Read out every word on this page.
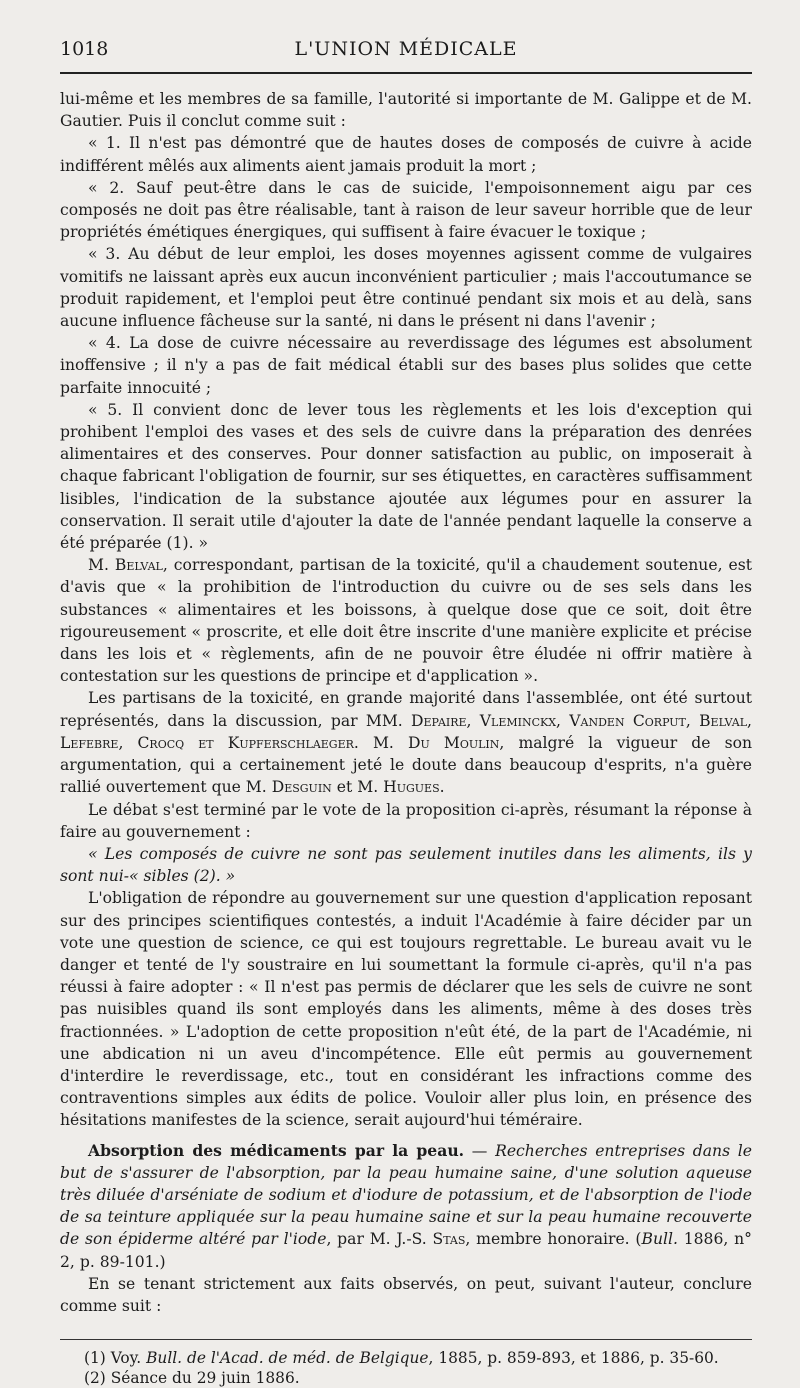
1018	L'UNION MÉDICALE

lui-même et les membres de sa famille, l'autorité si importante de M. Galippe et de M. Gautier. Puis il conclut comme suit :

« 1. Il n'est pas démontré que de hautes doses de composés de cuivre à acide indifférent mêlés aux aliments aient jamais produit la mort ;

« 2. Sauf peut-être dans le cas de suicide, l'empoisonnement aigu par ces composés ne doit pas être réalisable, tant à raison de leur saveur horrible que de leur propriétés émétiques énergiques, qui suffisent à faire évacuer le toxique ;

« 3. Au début de leur emploi, les doses moyennes agissent comme de vulgaires vomitifs ne laissant après eux aucun inconvénient particulier ; mais l'accoutumance se produit rapidement, et l'emploi peut être continué pendant six mois et au delà, sans aucune influence fâcheuse sur la santé, ni dans le présent ni dans l'avenir ;

« 4. La dose de cuivre nécessaire au reverdissage des légumes est absolument inoffensive ; il n'y a pas de fait médical établi sur des bases plus solides que cette parfaite innocuité ;

« 5. Il convient donc de lever tous les règlements et les lois d'exception qui prohibent l'emploi des vases et des sels de cuivre dans la préparation des denrées alimentaires et des conserves. Pour donner satisfaction au public, on imposerait à chaque fabricant l'obligation de fournir, sur ses étiquettes, en caractères suffisamment lisibles, l'indication de la substance ajoutée aux légumes pour en assurer la conservation. Il serait utile d'ajouter la date de l'année pendant laquelle la conserve a été préparée (1). »

M. Belval, correspondant, partisan de la toxicité, qu'il a chaudement soutenue, est d'avis que « la prohibition de l'introduction du cuivre ou de ses sels dans les substances « alimentaires et les boissons, à quelque dose que ce soit, doit être rigoureusement « proscrite, et elle doit être inscrite d'une manière explicite et précise dans les lois et « règlements, afin de ne pouvoir être éludée ni offrir matière à contestation sur les questions de principe et d'application ».

Les partisans de la toxicité, en grande majorité dans l'assemblée, ont été surtout représentés, dans la discussion, par MM. Depaire, Vleminckx, Vanden Corput, Belval, Lefebre, Crocq et Kupferschlaeger. M. Du Moulin, malgré la vigueur de son argumentation, qui a certainement jeté le doute dans beaucoup d'esprits, n'a guère rallié ouvertement que M. Desguin et M. Hugues.

Le débat s'est terminé par le vote de la proposition ci-après, résumant la réponse à faire au gouvernement :

« Les composés de cuivre ne sont pas seulement inutiles dans les aliments, ils y sont nui-« sibles (2). »

L'obligation de répondre au gouvernement sur une question d'application reposant sur des principes scientifiques contestés, a induit l'Académie à faire décider par un vote une question de science, ce qui est toujours regrettable. Le bureau avait vu le danger et tenté de l'y soustraire en lui soumettant la formule ci-après, qu'il n'a pas réussi à faire adopter : « Il n'est pas permis de déclarer que les sels de cuivre ne sont pas nuisibles quand ils sont employés dans les aliments, même à des doses très fractionnées. » L'adoption de cette proposition n'eût été, de la part de l'Académie, ni une abdication ni un aveu d'incompétence. Elle eût permis au gouvernement d'interdire le reverdissage, etc., tout en considérant les infractions comme des contraventions simples aux édits de police. Vouloir aller plus loin, en présence des hésitations manifestes de la science, serait aujourd'hui téméraire.

Absorption des médicaments par la peau. — Recherches entreprises dans le but de s'assurer de l'absorption, par la peau humaine saine, d'une solution aqueuse très diluée d'arséniate de sodium et d'iodure de potassium, et de l'absorption de l'iode de sa teinture appliquée sur la peau humaine saine et sur la peau humaine recouverte de son épiderme altéré par l'iode, par M. J.-S. Stas, membre honoraire. (Bull. 1886, n° 2, p. 89-101.)

En se tenant strictement aux faits observés, on peut, suivant l'auteur, conclure comme suit :

(1) Voy. Bull. de l'Acad. de méd. de Belgique, 1885, p. 859-893, et 1886, p. 35-60.

(2) Séance du 29 juin 1886.
